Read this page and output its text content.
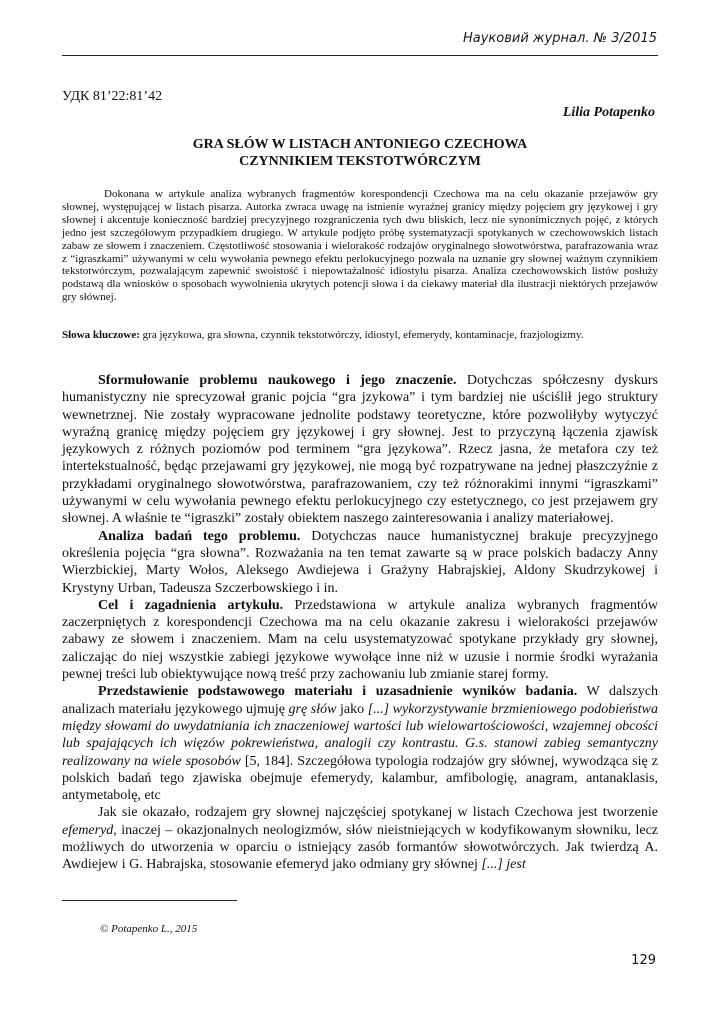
Науковий журнал. № 3/2015
УДК 81’22:81’42
Lilia Potapenko
GRA SŁÓW W LISTACH ANTONIEGO CZECHOWA
CZYNNIKIEM TEKSTOTWÓRCZYM
Dokonana w artykule analiza wybranych fragmentów korespondencji Czechowa ma na celu okazanie przejawów gry słownej, występującej w listach pisarza. Autorka zwraca uwagę na istnienie wyraźnej granicy między pojęciem gry językowej i gry słownej i akcentuje konieczność bardziej precyzyjnego rozgraniczenia tych dwu bliskich, lecz nie synonimicznych pojęć, z których jedno jest szczegółowym przypadkiem drugiego. W artykule podjęto próbę systematyzacji spotykanych w czechowowskich listach zabaw ze słowem i znaczeniem. Częstotliwość stosowania i wielorakość rodzajów oryginalnego słowotwórstwa, parafrazowania wraz z “igraszkami” używanymi w celu wywołania pewnego efektu perlokucyjnego pozwala na uznanie gry słownej ważnym czynnikiem tekstotwórczym, pozwalającym zapewnić swoistość i niepowtażalność idiostylu pisarza. Analiza czechowowskich listów posłuży podstawą dla wniosków o sposobach wywolnienia ukrytych potencji słowa i da ciekawy materiał dla ilustracji niektórych przejawów gry słównej.
Słowa kluczowe: gra językowa, gra słowna, czynnik tekstotwórczy, idiostyl, efemerydy, kontaminacje, frazjologizmy.

Sformułowanie problemu naukowego i jego znaczenie. Dotychczas spółczesny dyskurs humanistyczny nie sprecyzował granic pojcia “gra jzykowa” i tym bardziej nie uściślił jego struktury wewnetrznej. Nie zostały wypracowane jednolite podstawy teoretyczne, które pozwoliłyby wytyczyć wyraźną granicę między pojęciem gry językowej i gry słownej. Jest to przyczyną łączenia zjawisk językowych z różnych poziomów pod terminem “gra językowa”. Rzecz jasna, że metafora czy też intertekstualność, będąc przejawami gry językowej, nie mogą być rozpatrywane na jednej płaszczyźnie z przykładami oryginalnego słowotwórstwa, parafrazowaniem, czy też różnorakimi innymi “igraszkami” używanymi w celu wywołania pewnego efektu perlokucyjnego czy estetycznego, co jest przejawem gry słownej. A właśnie te “igraszki” zostały obiektem naszego zainteresowania i analizy materiałowej.

Analiza badań tego problemu. Dotychczas nauce humanistycznej brakuje precyzyjnego określenia pojęcia “gra słowna”. Rozważania na ten temat zawarte są w prace polskich badaczy Anny Wierzbickiej, Marty Wołos, Aleksego Awdiejewa i Grażyny Habrajskiej, Aldony Skudrzykowej i Krystyny Urban, Tadeusza Szczerbowskiego i in.

Cel i zagadnienia artykułu. Przedstawiona w artykule analiza wybranych fragmentów zaczerpniętych z korespondencji Czechowa ma na celu okazanie zakresu i wielorakości przejawów zabawy ze słowem i znaczeniem. Mam na celu usystematyzować spotykane przykłady gry słownej, zaliczając do niej wszystkie zabiegi językowe wywołące inne niż w uzusie i normie środki wyrażania pewnej treści lub obiektywujące nową treść przy zachowaniu lub zmianie starej formy.

Przedstawienie podstawowego materiału i uzasadnienie wyników badania. W dalszych analizach materiału językowego ujmuję grę słów jako [...] wykorzystywanie brzmieniowego podobieństwa między słowami do uwydatniania ich znaczeniowej wartości lub wielowartościowości, wzajemnej obcości lub spajających ich więzów pokrewieństwa, analogii czy kontrastu. G.s. stanowi zabieg semantyczny realizowany na wiele sposobów [5, 184]. Szczegółowa typologia rodzajów gry słównej, wywodząca się z polskich badań tego zjawiska obejmuje efemerydy, kalambur, amfibologię, anagram, antanaklasis, antymetabolę, etc

Jak sie okazało, rodzajem gry słownej najczęściej spotykanej w listach Czechowa jest tworzenie efemeryd, inaczej – okazjonalnych neologizmów, słów nieistniejących w kodyfikowanym słowniku, lecz możliwych do utworzenia w oparciu o istniejący zasób formantów słowotwórczych. Jak twierdzą A. Awdiejew i G. Habrajska, stosowanie efemeryd jako odmiany gry słównej [...] jest

© Potapenko L., 2015
129
